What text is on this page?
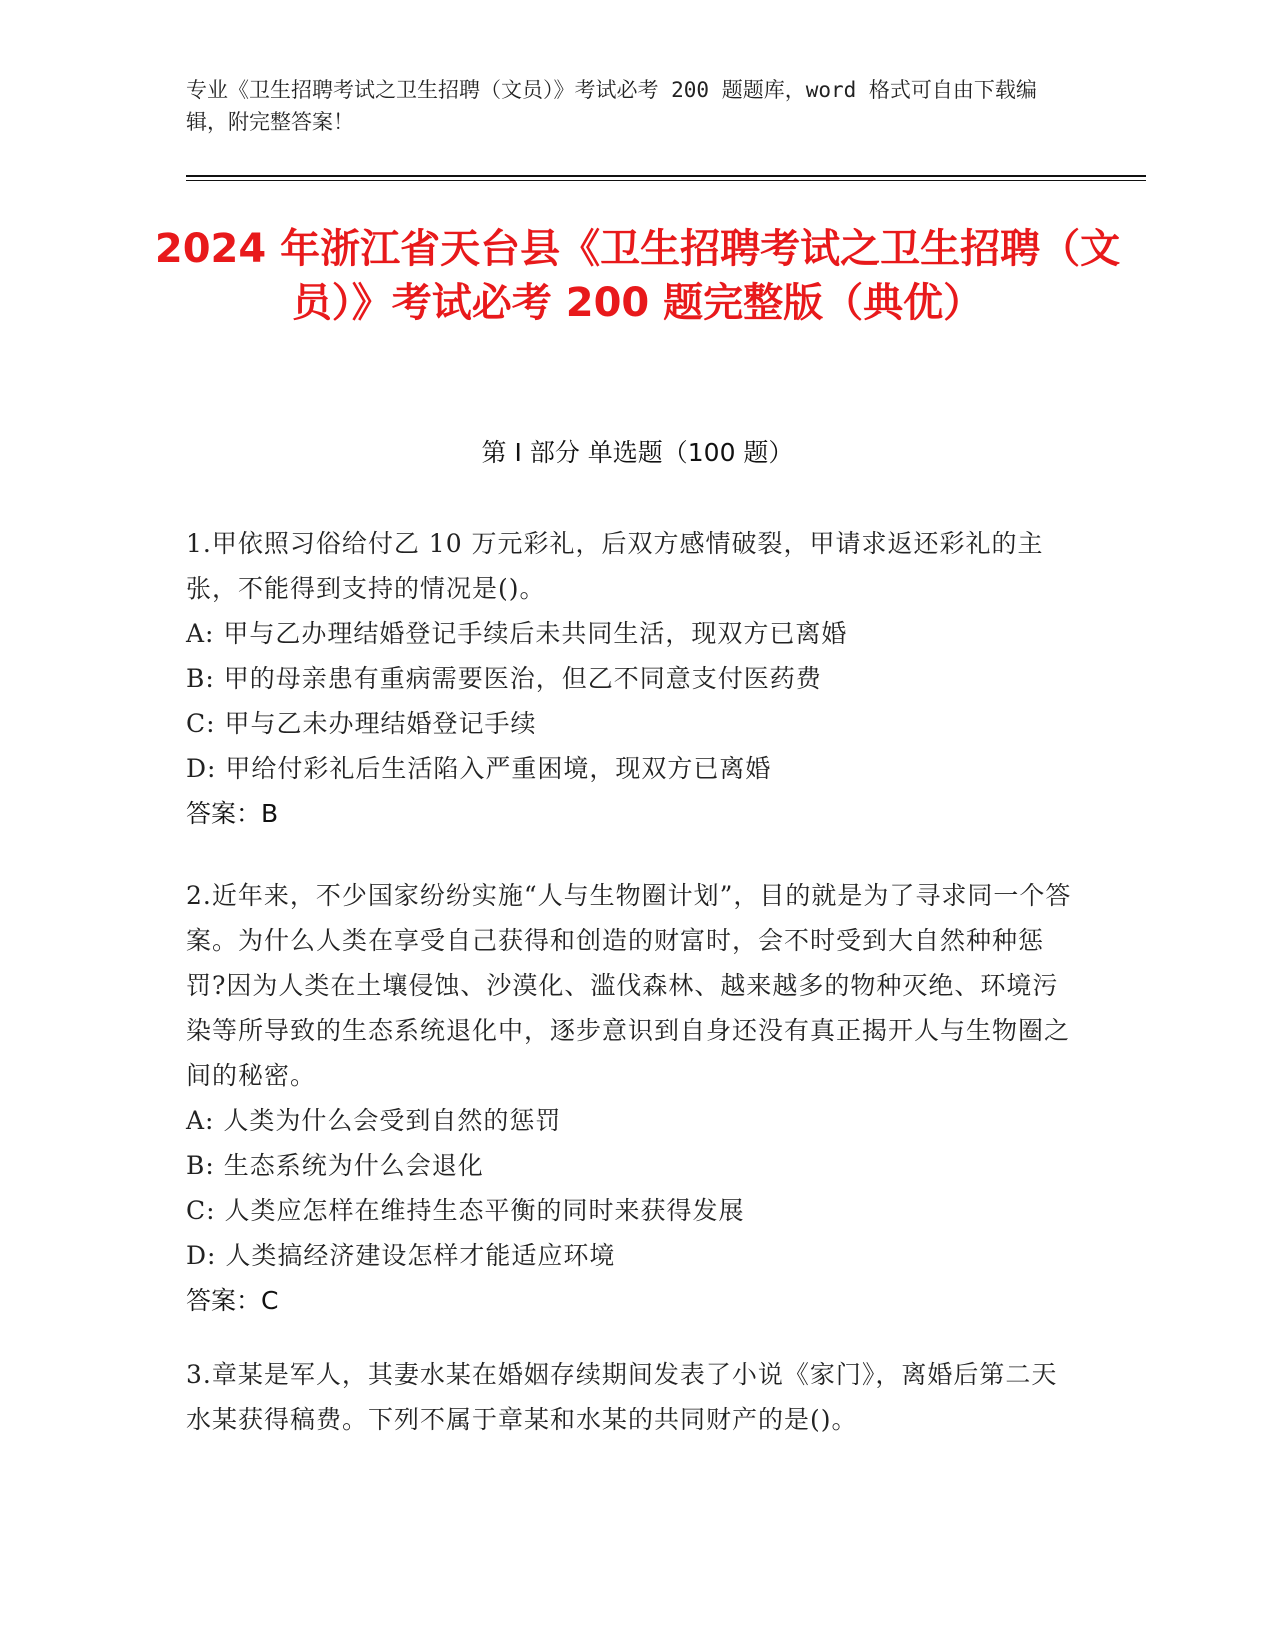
专业《卫生招聘考试之卫生招聘（文员）》考试必考 200 题题库，word 格式可自由下载编辑，附完整答案！
2024 年浙江省天台县《卫生招聘考试之卫生招聘（文员）》考试必考 200 题完整版（典优）
第 I 部分 单选题（100 题）

1.甲依照习俗给付乙 10 万元彩礼，后双方感情破裂，甲请求返还彩礼的主张，不能得到支持的情况是()。

A: 甲与乙办理结婚登记手续后未共同生活，现双方已离婚

B: 甲的母亲患有重病需要医治，但乙不同意支付医药费

C: 甲与乙未办理结婚登记手续

D: 甲给付彩礼后生活陷入严重困境，现双方已离婚

答案：B

2.近年来，不少国家纷纷实施“人与生物圈计划”，目的就是为了寻求同一个答案。为什么人类在享受自己获得和创造的财富时，会不时受到大自然种种惩罚?因为人类在土壤侵蚀、沙漠化、滥伐森林、越来越多的物种灭绝、环境污染等所导致的生态系统退化中，逐步意识到自身还没有真正揭开人与生物圈之间的秘密。

A: 人类为什么会受到自然的惩罚

B: 生态系统为什么会退化

C: 人类应怎样在维持生态平衡的同时来获得发展

D: 人类搞经济建设怎样才能适应环境

答案：C

3.章某是军人，其妻水某在婚姻存续期间发表了小说《家门》，离婚后第二天水某获得稿费。下列不属于章某和水某的共同财产的是()。
